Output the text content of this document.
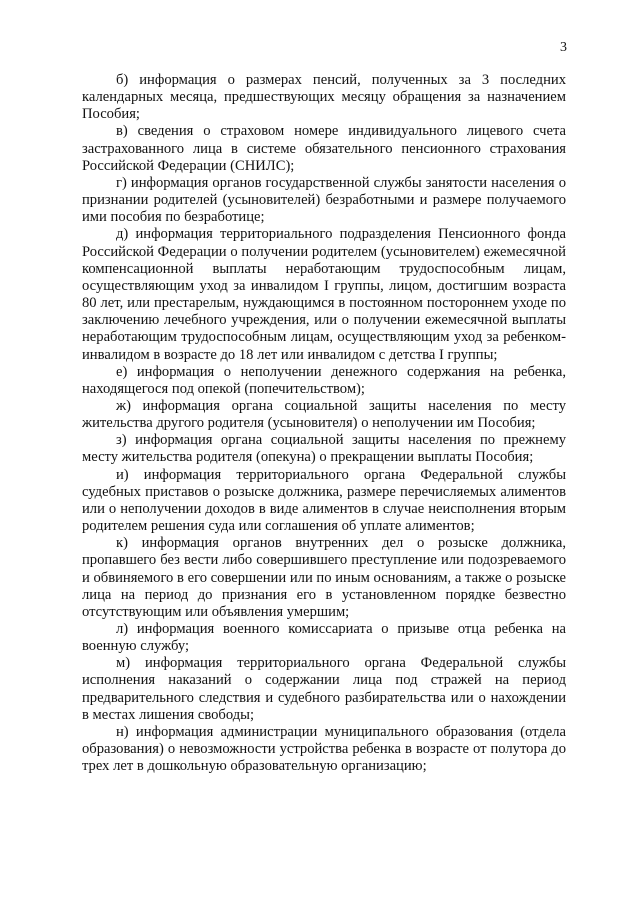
3

б) информация о размерах пенсий, полученных за 3 последних календарных месяца, предшествующих месяцу обращения за назначением Пособия;

в) сведения о страховом номере индивидуального лицевого счета застрахованного лица в системе обязательного пенсионного страхования Российской Федерации (СНИЛС);

г) информация органов государственной службы занятости населения о признании родителей (усыновителей) безработными и размере получаемого ими пособия по безработице;

д) информация территориального подразделения Пенсионного фонда Российской Федерации о получении родителем (усыновителем) ежемесячной компенсационной выплаты неработающим трудоспособным лицам, осуществляющим уход за инвалидом I группы, лицом, достигшим возраста 80 лет, или престарелым, нуждающимся в постоянном постороннем уходе по заключению лечебного учреждения, или о получении ежемесячной выплаты неработающим трудоспособным лицам, осуществляющим уход за ребенком-инвалидом в возрасте до 18 лет или инвалидом с детства I группы;

е) информация о неполучении денежного содержания на ребенка, находящегося под опекой (попечительством);

ж) информация органа социальной защиты населения по месту жительства другого родителя (усыновителя) о неполучении им Пособия;

з) информация органа социальной защиты населения по прежнему месту жительства родителя (опекуна) о прекращении выплаты Пособия;

и) информация территориального органа Федеральной службы судебных приставов о розыске должника, размере перечисляемых алиментов или о неполучении доходов в виде алиментов в случае неисполнения вторым родителем решения суда или соглашения об уплате алиментов;

к) информация органов внутренних дел о розыске должника, пропавшего без вести либо совершившего преступление или подозреваемого и обвиняемого в его совершении или по иным основаниям, а также о розыске лица на период до признания его в установленном порядке безвестно отсутствующим или объявления умершим;

л) информация военного комиссариата о призыве отца ребенка на военную службу;

м) информация территориального органа Федеральной службы исполнения наказаний о содержании лица под стражей на период предварительного следствия и судебного разбирательства или о нахождении в местах лишения свободы;

н) информация администрации муниципального образования (отдела образования) о невозможности устройства ребенка в возрасте от полутора до трех лет в дошкольную образовательную организацию;
